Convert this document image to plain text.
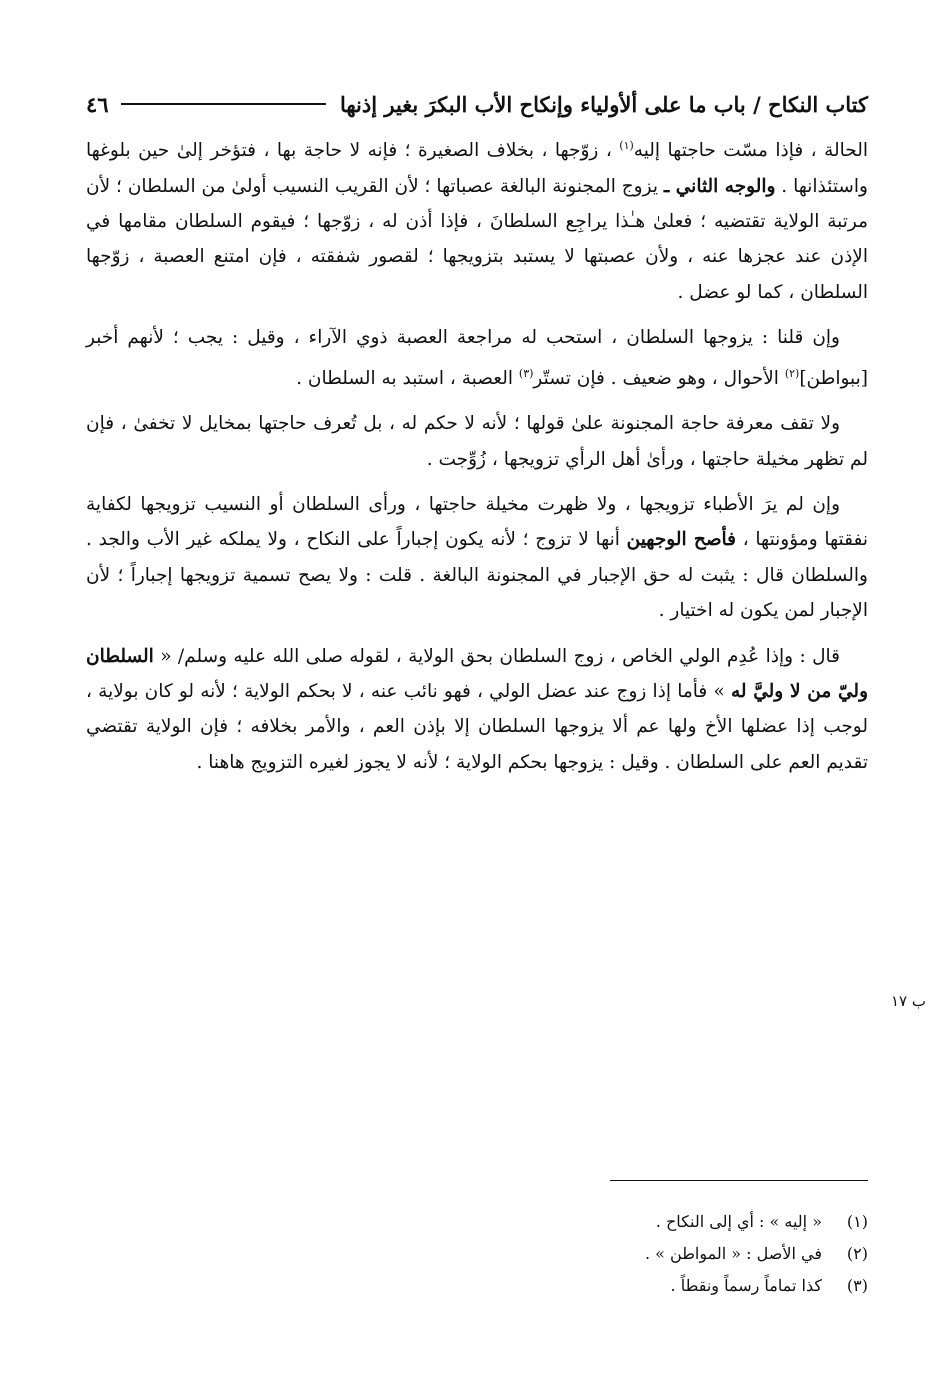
كتاب النكاح / باب ما على ألأولياء وإنكاح الأب البكرَ بغير إذنها
٤٦

الحالة ، فإذا مسّت حاجتها إليه$^{(١)}$ ، زوّجها ، بخلاف الصغيرة ؛ فإنه لا حاجة بها ، فتؤخر إلىٰ حين بلوغها واستئذانها . والوجه الثاني ـ يزوج المجنونة البالغة عصباتها ؛ لأن القريب النسيب أولىٰ من السلطان ؛ لأن مرتبة الولاية تقتضيه ؛ فعلىٰ هـٰذا يراجِع السلطانَ ، فإذا أذن له ، زوّجها ؛ فيقوم السلطان مقامها في الإذن عند عجزها عنه ، ولأن عصبتها لا يستبد بتزويجها ؛ لقصور شفقته ، فإن امتنع العصبة ، زوّجها السلطان ، كما لو عضل .

وإن قلنا : يزوجها السلطان ، استحب له مراجعة العصبة ذوي الآراء ، وقيل : يجب ؛ لأنهم أخبر [ببواطن]$^{(٢)}$ الأحوال ، وهو ضعيف . فإن تستّر$^{(٣)}$ العصبة ، استبد به السلطان .

ولا تقف معرفة حاجة المجنونة علىٰ قولها ؛ لأنه لا حكم له ، بل تُعرف حاجتها بمخايل لا تخفىٰ ، فإن لم تظهر مخيلة حاجتها ، ورأىٰ أهل الرأي تزويجها ، زُوِّجت .

وإن لم يرَ الأطباء تزويجها ، ولا ظهرت مخيلة حاجتها ، ورأى السلطان أو النسيب تزويجها لكفاية نفقتها ومؤونتها ، فأصح الوجهين أنها لا تزوج ؛ لأنه يكون إجباراً على النكاح ، ولا يملكه غير الأب والجد . والسلطان قال : يثبت له حق الإجبار في المجنونة البالغة . قلت : ولا يصح تسمية تزويجها إجباراً ؛ لأن الإجبار لمن يكون له اختيار .

قال : وإذا عُدِم الولي الخاص ، زوج السلطان بحق الولاية ، لقوله صلى الله عليه وسلم/ « السلطان وليّ من لا وليَّ له » فأما إذا زوج عند عضل الولي ، فهو نائب عنه ، لا بحكم الولاية ؛ لأنه لو كان بولاية ، لوجب إذا عضلها الأخ ولها عم ألا يزوجها السلطان إلا بإذن العم ، والأمر بخلافه ؛ فإن الولاية تقتضي تقديم العم على السلطان . وقيل : يزوجها بحكم الولاية ؛ لأنه لا يجوز لغيره التزويج هاهنا .

ب ١٧
(١)
« إليه » : أي إلى النكاح .
(٢)
في الأصل : « المواطن » .
(٣)
كذا تماماً رسماً ونقطاً .
